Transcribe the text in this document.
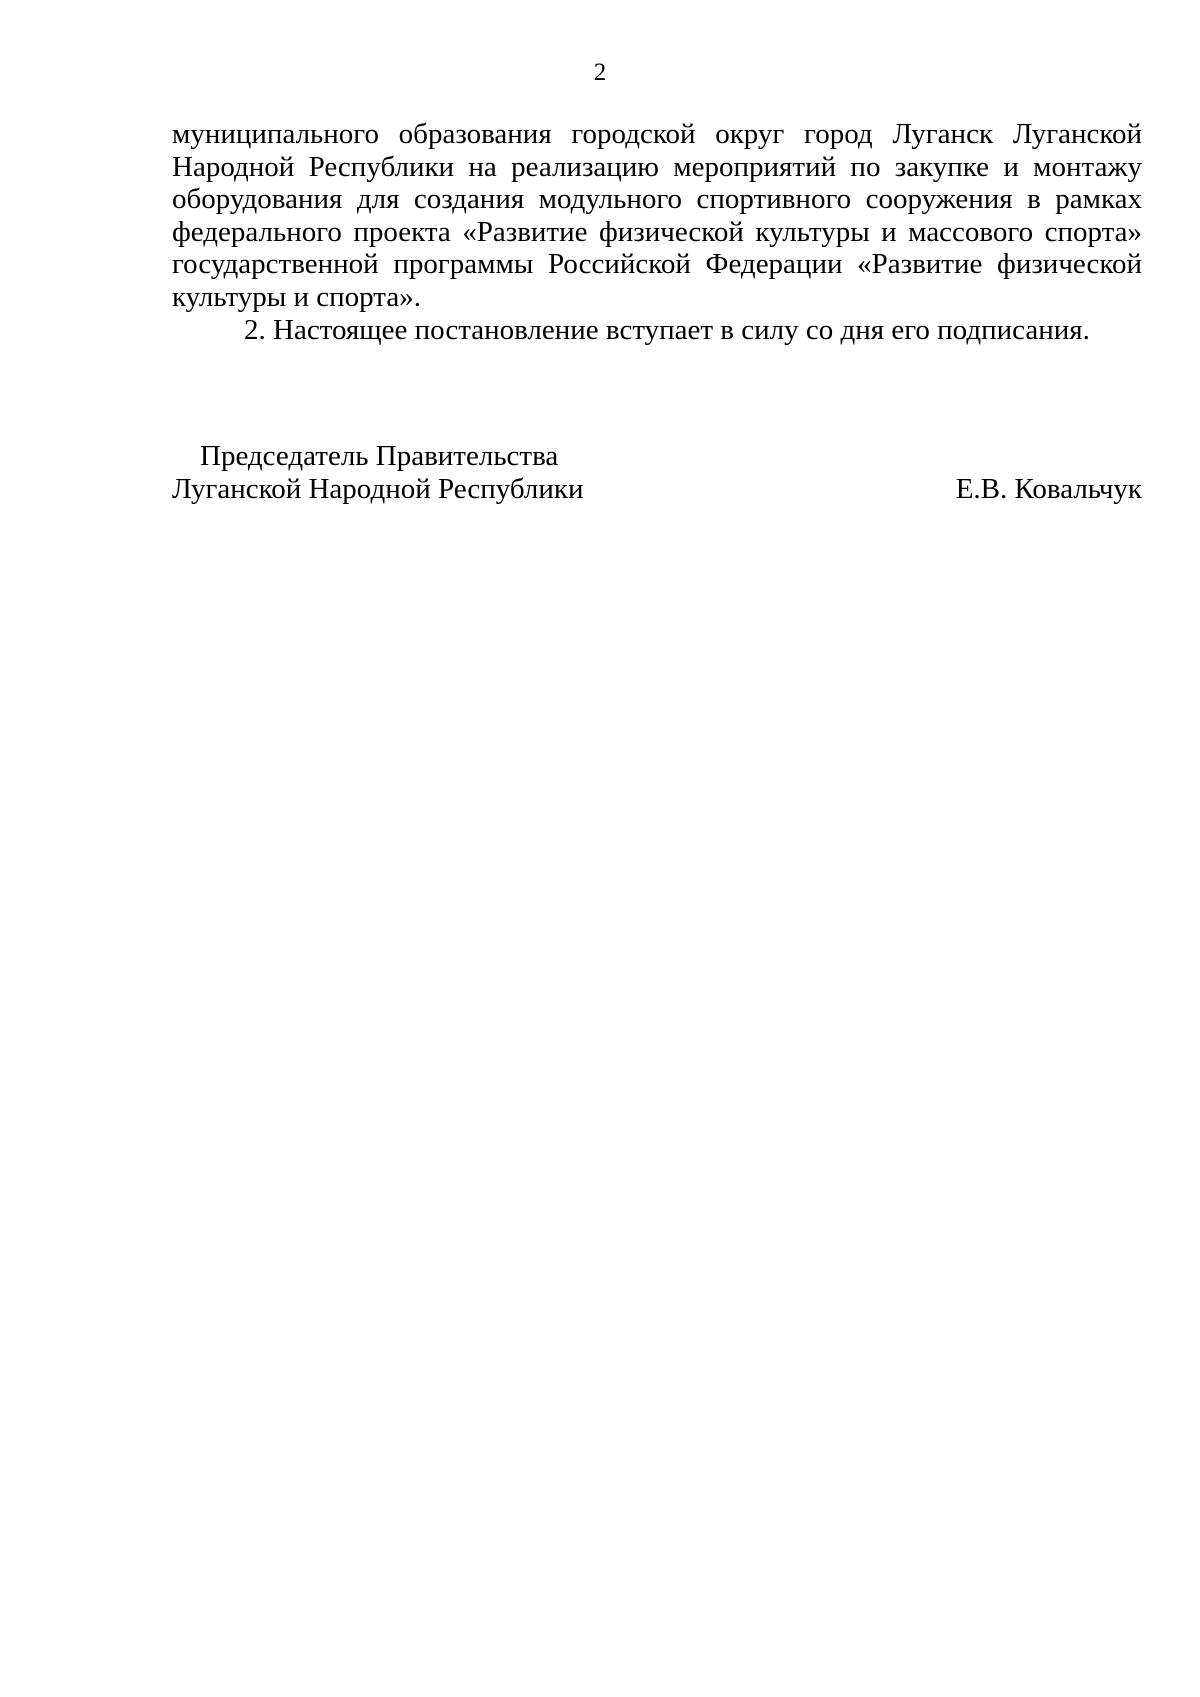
2

муниципального образования городской округ город Луганск Луганской Народной Республики на реализацию мероприятий по закупке и монтажу оборудования для создания модульного спортивного сооружения в рамках федерального проекта «Развитие физической культуры и массового спорта» государственной программы Российской Федерации «Развитие физической культуры и спорта».

2. Настоящее постановление вступает в силу со дня его подписания.

Председатель Правительства
Луганской Народной Республики	Е.В. Ковальчук
